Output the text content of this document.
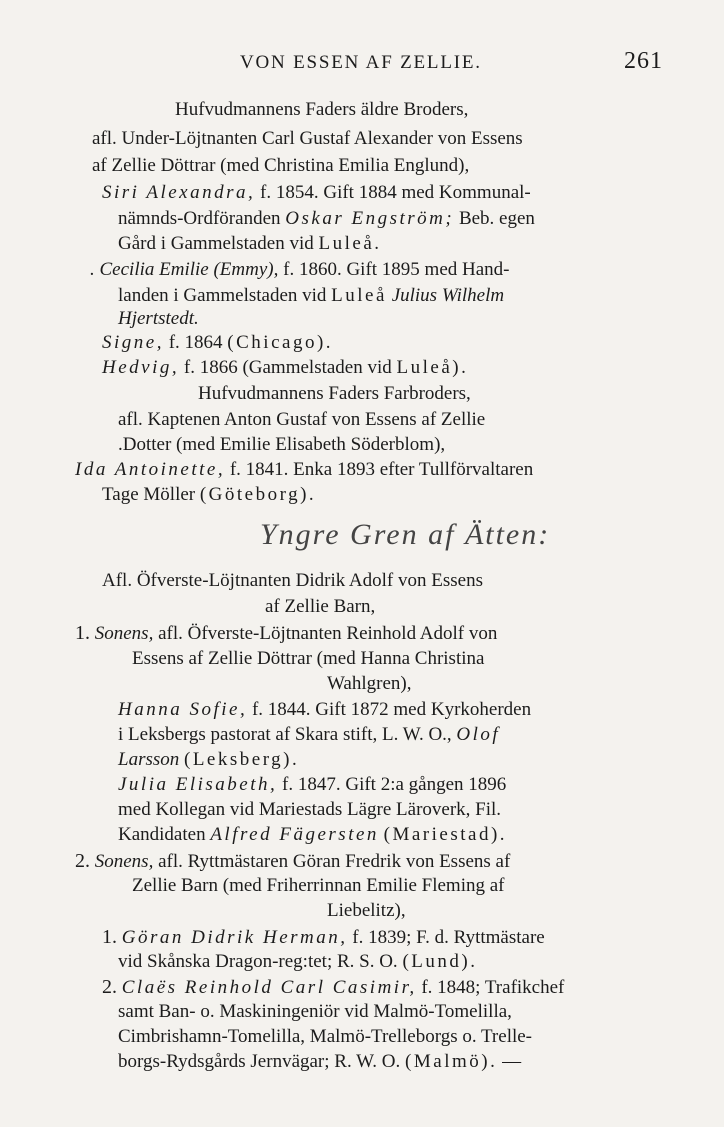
VON ESSEN AF ZELLIE.	261
Hufvudmannens Faders äldre Broders,
afl. Under-Löjtnanten Carl Gustaf Alexander von Essens
af Zellie Döttrar (med Christina Emilia Englund),
Siri Alexandra, f. 1854. Gift 1884 med Kommunal-
nämnds-Ordföranden Oskar Engström; Beb. egen
Gård i Gammelstaden vid Luleå.
. Cecilia Emilie (Emmy), f. 1860. Gift 1895 med Hand-
landen i Gammelstaden vid Luleå Julius Wilhelm
Hjertstedt.
Signe, f. 1864 (Chicago).
Hedvig, f. 1866 (Gammelstaden vid Luleå).
Hufvudmannens Faders Farbroders,
afl. Kaptenen Anton Gustaf von Essens af Zellie
.Dotter (med Emilie Elisabeth Söderblom),
Ida Antoinette, f. 1841. Enka 1893 efter Tullförvaltaren
Tage Möller (Göteborg).
Yngre Gren af Ätten:
Afl. Öfverste-Löjtnanten Didrik Adolf von Essens
af Zellie Barn,
1. Sonens, afl. Öfverste-Löjtnanten Reinhold Adolf von
Essens af Zellie Döttrar (med Hanna Christina
Wahlgren),
Hanna Sofie, f. 1844. Gift 1872 med Kyrkoherden
i Leksbergs pastorat af Skara stift, L. W. O., Olof
Larsson (Leksberg).
Julia Elisabeth, f. 1847. Gift 2:a gången 1896
med Kollegan vid Mariestads Lägre Läroverk, Fil.
Kandidaten Alfred Fägersten (Mariestad).
2. Sonens, afl. Ryttmästaren Göran Fredrik von Essens af
Zellie Barn (med Friherrinnan Emilie Fleming af
Liebelitz),
1. Göran Didrik Herman, f. 1839; F. d. Ryttmästare
vid Skånska Dragon-reg:tet; R. S. O. (Lund).
2. Claës Reinhold Carl Casimir, f. 1848; Trafikchef
samt Ban- o. Maskiningeniör vid Malmö-Tomelilla,
Cimbrishamn-Tomelilla, Malmö-Trelleborgs o. Trelle-
borgs-Rydsgårds Jernvägar; R. W. O. (Malmö). —
